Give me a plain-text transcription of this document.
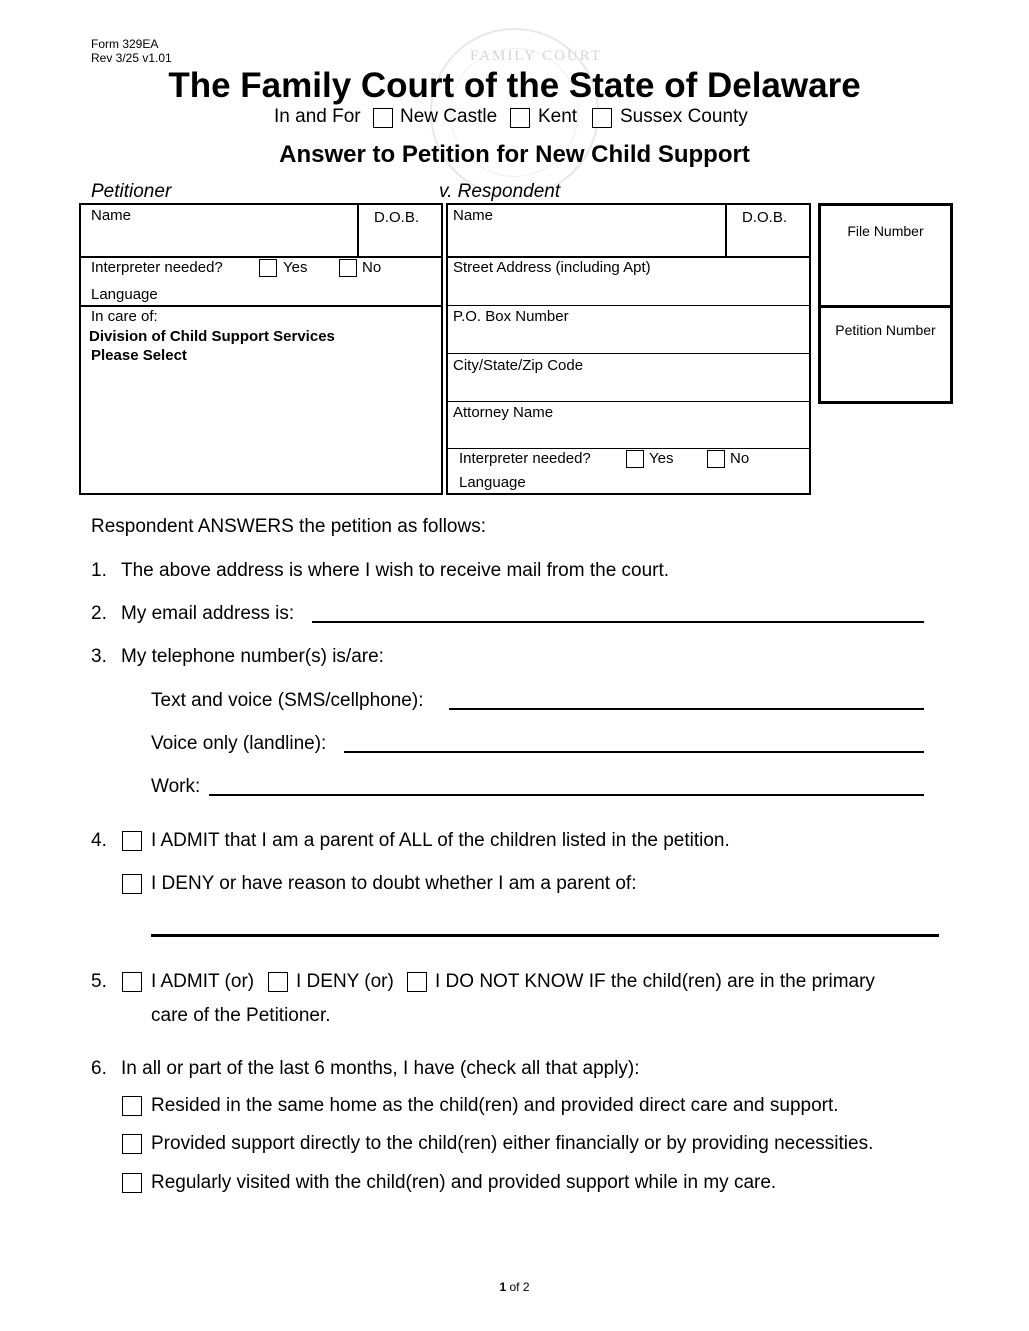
Form 329EA
Rev 3/25 v1.01	FAMILY COURT
The Family Court of the State of Delaware
In and For New Castle Kent Sussex County
Answer to Petition for New Child Support
Petitioner	v. Respondent
Name	D.O.B.
Interpreter needed?	Yes	No
Language
In care of:
Division of Child Support Services
Please Select
Name	D.O.B.
Street Address (including Apt)
P.O. Box Number
City/State/Zip Code
Attorney Name
Interpreter needed?	Yes	No
Language
File Number
Petition Number
Respondent ANSWERS the petition as follows:
1. The above address is where I wish to receive mail from the court.
2. My email address is:
3. My telephone number(s) is/are:
Text and voice (SMS/cellphone):
Voice only (landline):
Work:
4. I ADMIT that I am a parent of ALL of the children listed in the petition.
I DENY or have reason to doubt whether I am a parent of:
5. I ADMIT (or) I DENY (or) I DO NOT KNOW IF the child(ren) are in the primary
care of the Petitioner.
6. In all or part of the last 6 months, I have (check all that apply):
Resided in the same home as the child(ren) and provided direct care and support.
Provided support directly to the child(ren) either financially or by providing necessities.
Regularly visited with the child(ren) and provided support while in my care.
1 of 2
